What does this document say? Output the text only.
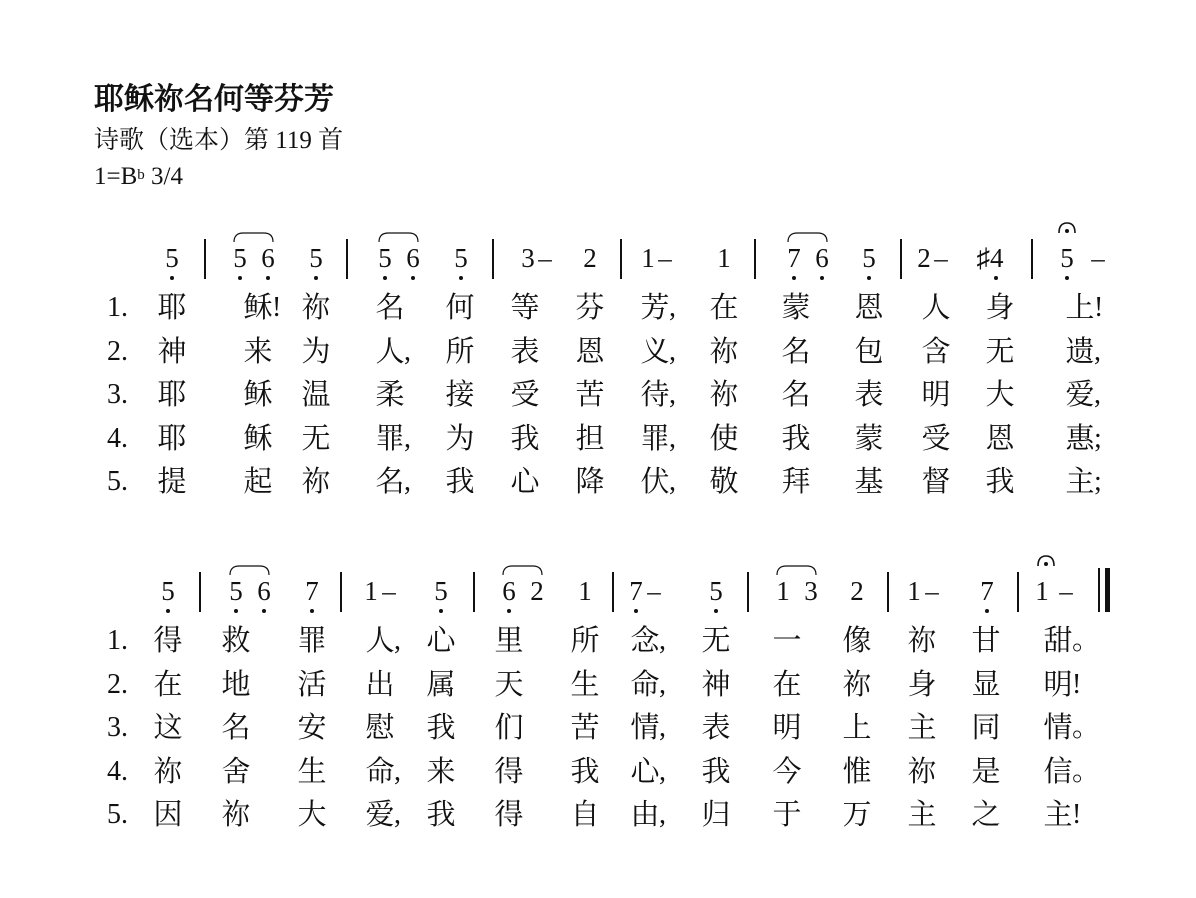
耶稣祢名何等芬芳
诗歌（选本）第 119 首
$1=B^b$ 3/4
5 5 6 5 5 6 5 3 2 1 1 7 6 5 2 ♯4 5
–	–	–	–
1. 耶 稣 ! 祢 名 何 等 芬 芳 , 在 蒙 恩 人 身 上 !
2. 神 来 为 人 , 所 表 恩 义 , 祢 名 包 含 无 遗 ,
3. 耶 稣 温 柔 接 受 苦 待 , 祢 名 表 明 大 爱 ,
4. 耶 稣 无 罪 , 为 我 担 罪 , 使 我 蒙 受 恩 惠 ;
5. 提 起 祢 名 , 我 心 降 伏 , 敬 拜 基 督 我 主 ;
5 5 6 7 1 5 6 2 1 7 5 1 3 2 1 7 1
–	–	–	–
1. 得 救 罪 人 , 心 里 所 念 , 无 一 像 祢 甘 甜 。
2. 在 地 活 出 属 天 生 命 , 神 在 祢 身 显 明 !
3. 这 名 安 慰 我 们 苦 情 , 表 明 上 主 同 情 。
4. 祢 舍 生 命 , 来 得 我 心 , 我 今 惟 祢 是 信 。
5. 因 祢 大 爱 , 我 得 自 由 , 归 于 万 主 之 主 !
